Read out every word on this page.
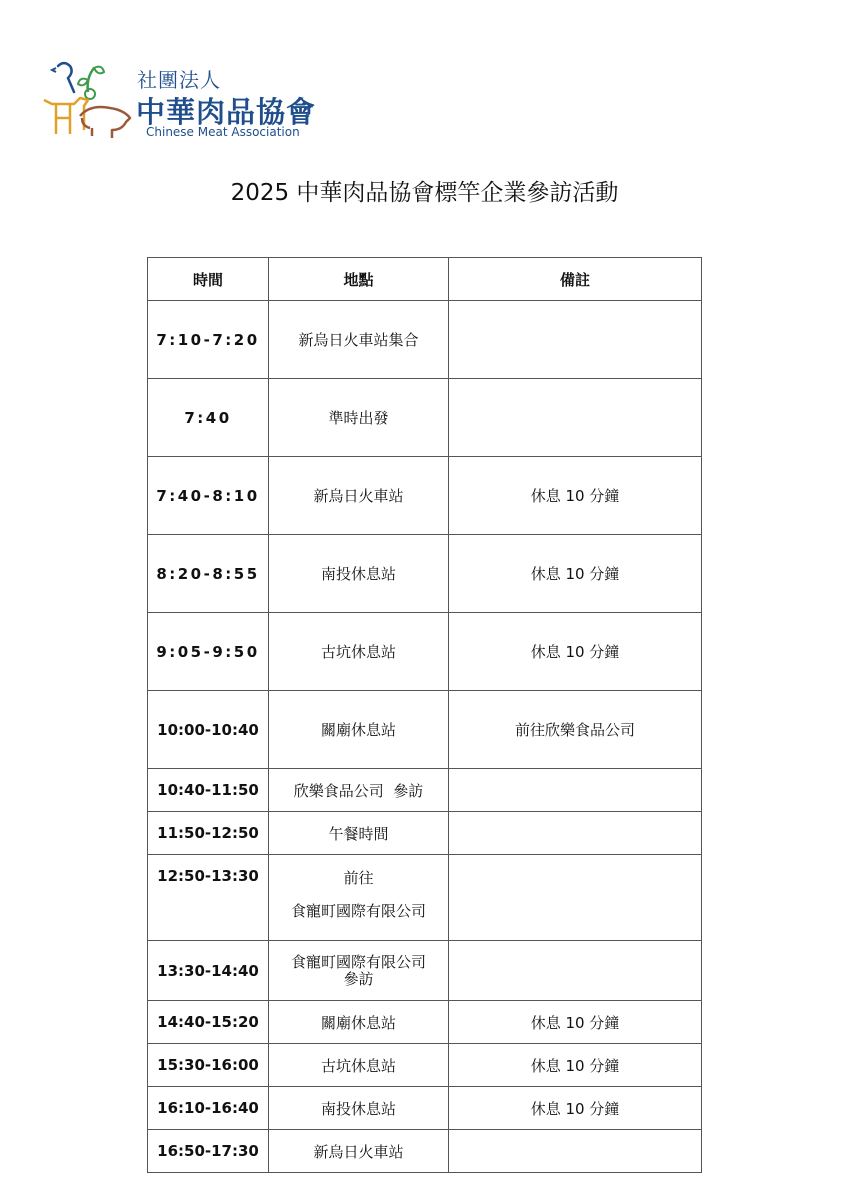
社團法人
中華肉品協會
Chinese Meat Association
2025 中華肉品協會標竿企業參訪活動
時間	地點	備註
7:10-7:20	新烏日火車站集合	
7:40	準時出發	
7:40-8:10	新烏日火車站	休息 10 分鐘
8:20-8:55	南投休息站	休息 10 分鐘
9:05-9:50	古坑休息站	休息 10 分鐘
10:00-10:40	關廟休息站	前往欣樂食品公司
10:40-11:50	欣樂食品公司  參訪	
11:50-12:50	午餐時間	
12:50-13:30	前往
食寵町國際有限公司	

13:30-14:40	食寵町國際有限公司
參訪	

14:40-15:20	關廟休息站	休息 10 分鐘
15:30-16:00	古坑休息站	休息 10 分鐘
16:10-16:40	南投休息站	休息 10 分鐘
16:50-17:30	新烏日火車站	
